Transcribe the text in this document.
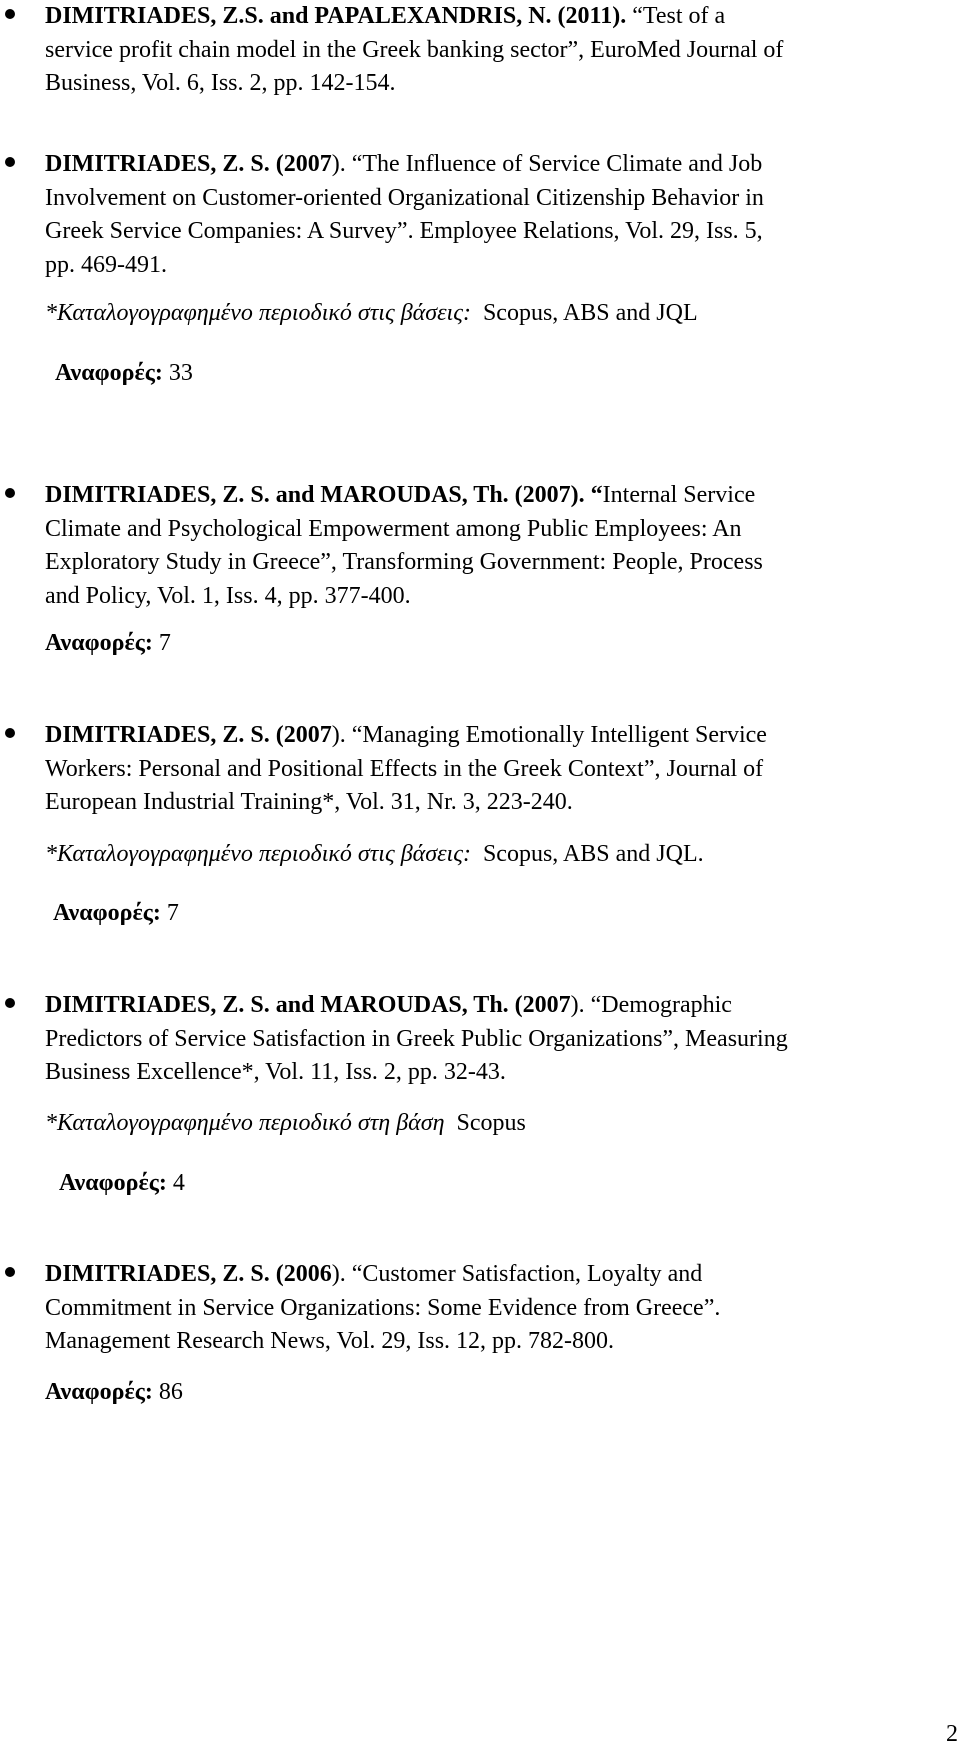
DIMITRIADES, Z.S. and PAPALEXANDRIS, N. (2011). “Test of a
service profit chain model in the Greek banking sector”, EuroMed Journal of
Business, Vol. 6, Iss. 2, pp. 142-154.
DIMITRIADES, Z. S. (2007). “The Influence of Service Climate and Job
Involvement on Customer-oriented Organizational Citizenship Behavior in
Greek Service Companies: A Survey”. Employee Relations, Vol. 29, Iss. 5,
pp. 469-491.
*Καταλογογραφημένο περιοδικό στις βάσεις: Scopus, ABS and JQL
Αναφορές: 33
DIMITRIADES, Z. S. and MAROUDAS, Th. (2007). “Internal Service
Climate and Psychological Empowerment among Public Employees: An
Exploratory Study in Greece”, Transforming Government: People, Process
and Policy, Vol. 1, Iss. 4, pp. 377-400.
Αναφορές: 7
DIMITRIADES, Z. S. (2007). “Managing Emotionally Intelligent Service
Workers: Personal and Positional Effects in the Greek Context”, Journal of
European Industrial Training*, Vol. 31, Nr. 3, 223-240.
*Καταλογογραφημένο περιοδικό στις βάσεις: Scopus, ABS and JQL.
Αναφορές: 7
DIMITRIADES, Z. S. and MAROUDAS, Th. (2007). “Demographic
Predictors of Service Satisfaction in Greek Public Organizations”, Measuring
Business Excellence*, Vol. 11, Iss. 2, pp. 32-43.
*Καταλογογραφημένο περιοδικό στη βάση Scopus
Αναφορές: 4
DIMITRIADES, Z. S. (2006). “Customer Satisfaction, Loyalty and
Commitment in Service Organizations: Some Evidence from Greece”.
Management Research News, Vol. 29, Iss. 12, pp. 782-800.
Αναφορές: 86
2
